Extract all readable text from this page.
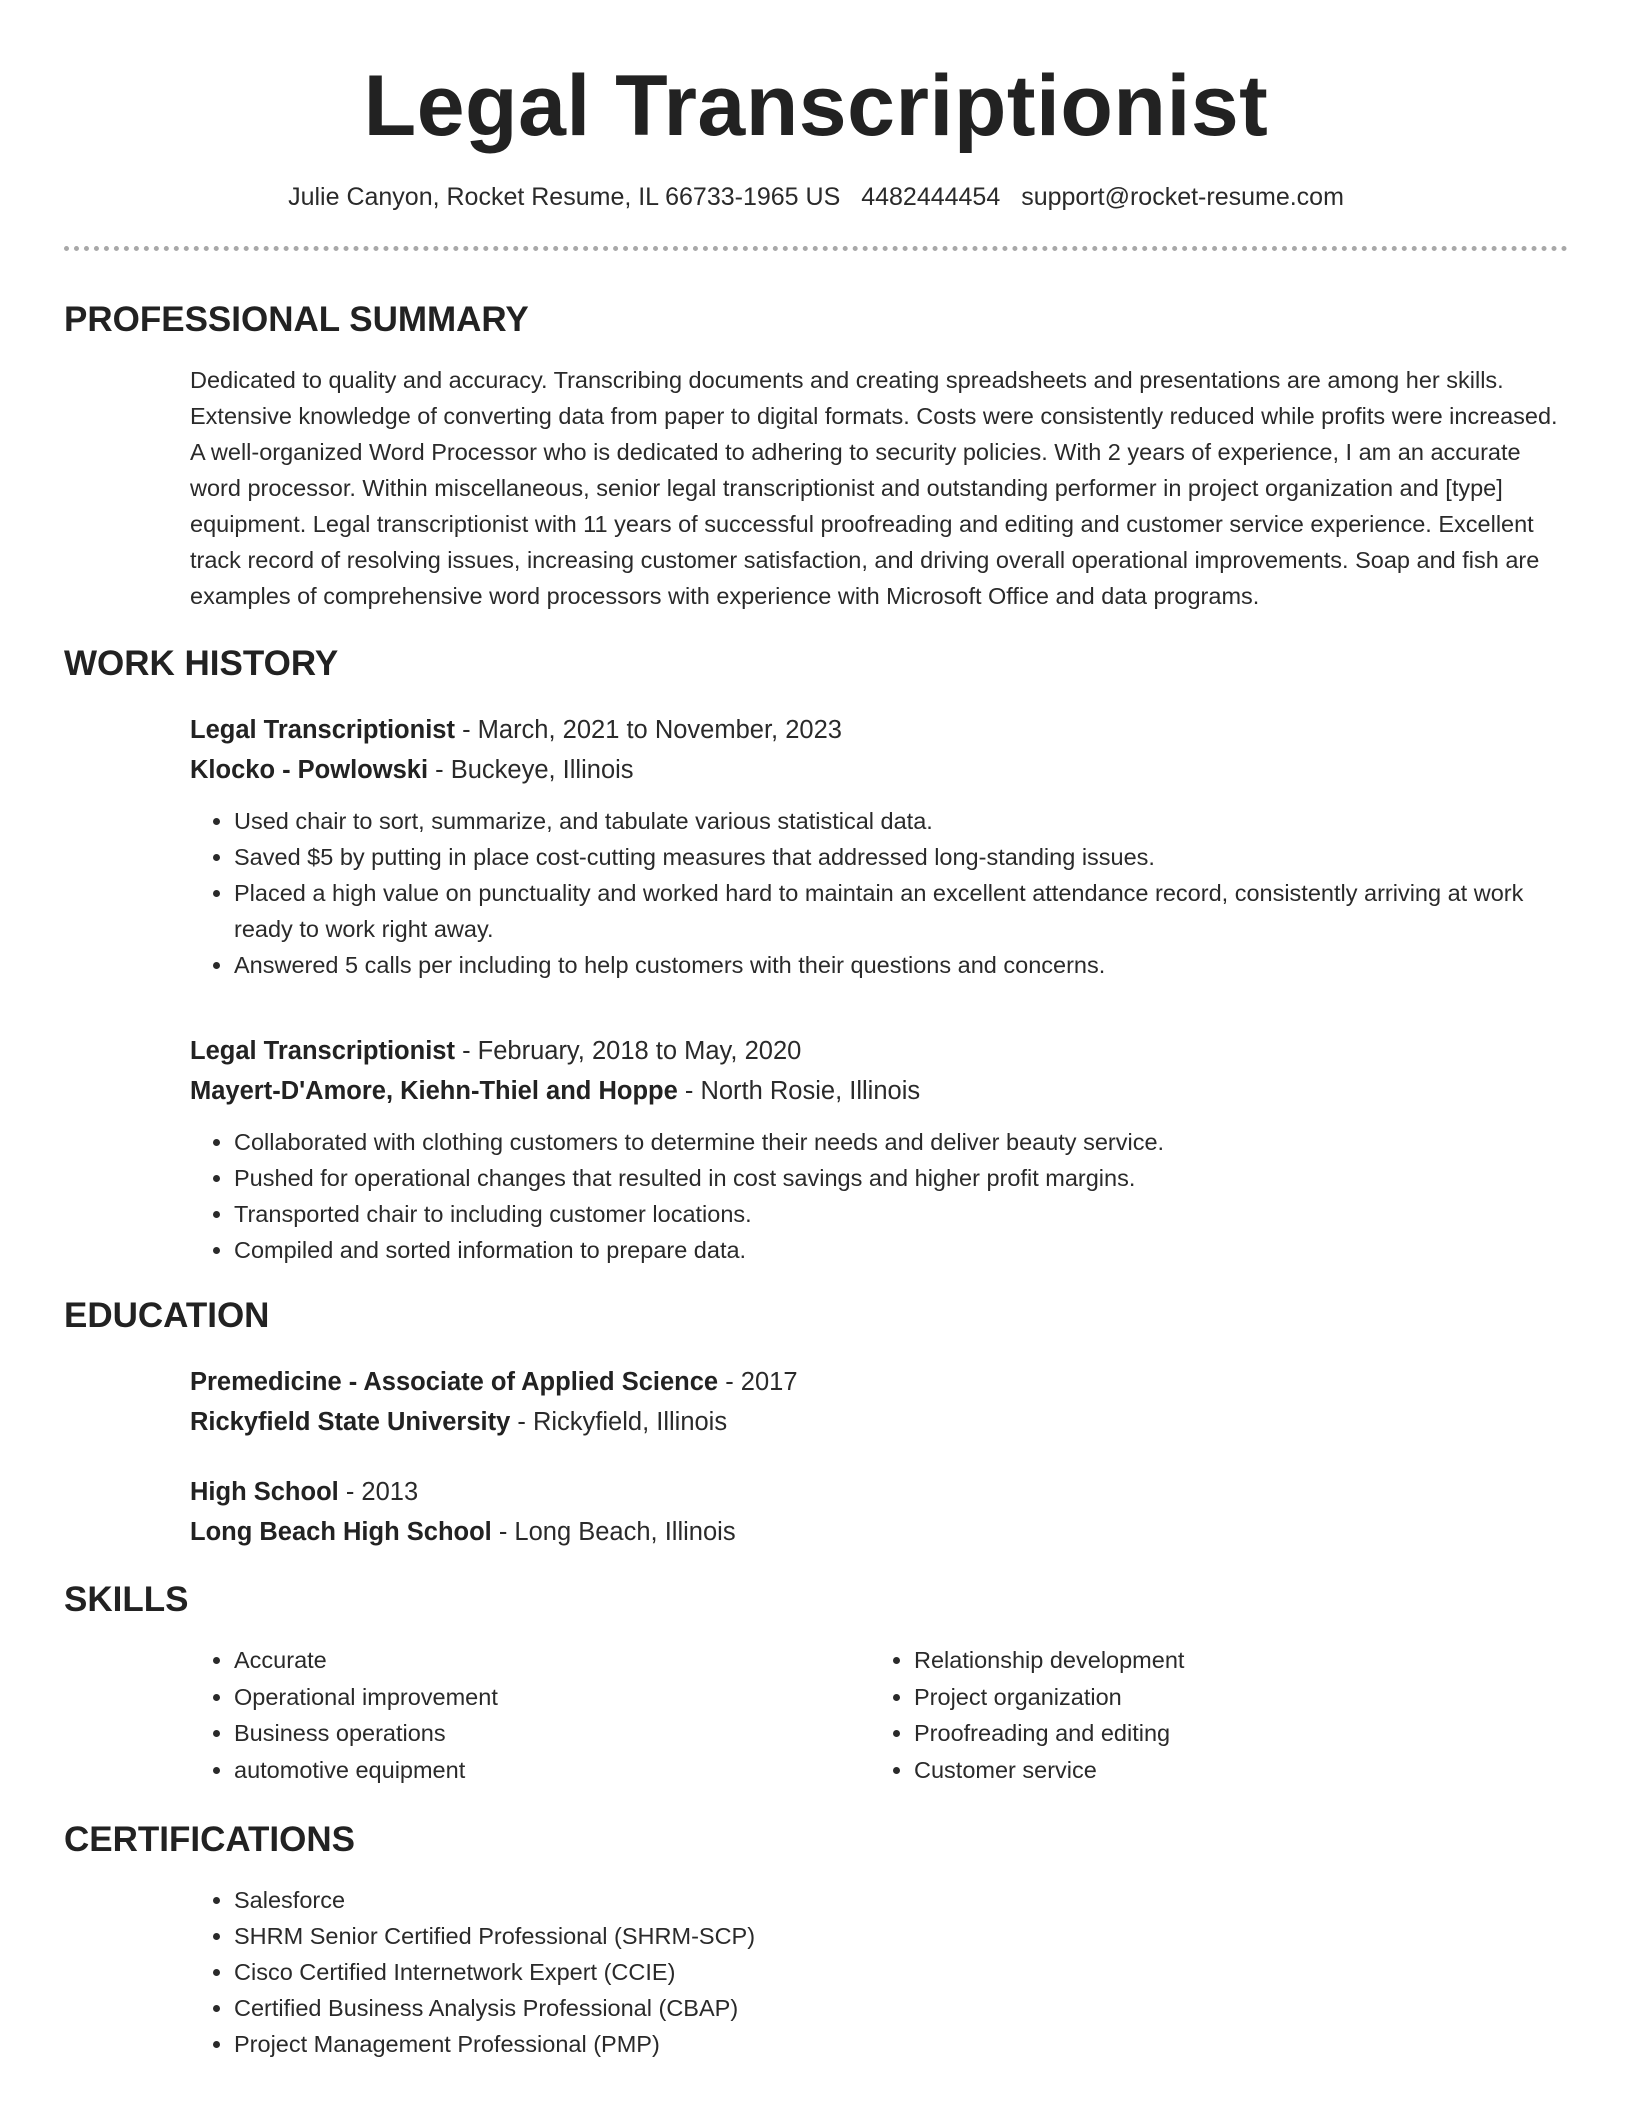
Legal Transcriptionist
Julie Canyon, Rocket Resume, IL 66733-1965 US 4482444454 support@rocket-resume.com
PROFESSIONAL SUMMARY
Dedicated to quality and accuracy. Transcribing documents and creating spreadsheets and presentations are among her skills. Extensive knowledge of converting data from paper to digital formats. Costs were consistently reduced while profits were increased. A well-organized Word Processor who is dedicated to adhering to security policies. With 2 years of experience, I am an accurate word processor. Within miscellaneous, senior legal transcriptionist and outstanding performer in project organization and [type] equipment. Legal transcriptionist with 11 years of successful proofreading and editing and customer service experience. Excellent track record of resolving issues, increasing customer satisfaction, and driving overall operational improvements. Soap and fish are examples of comprehensive word processors with experience with Microsoft Office and data programs.
WORK HISTORY
Legal Transcriptionist - March, 2021 to November, 2023
Klocko - Powlowski - Buckeye, Illinois
• Used chair to sort, summarize, and tabulate various statistical data.
• Saved $5 by putting in place cost-cutting measures that addressed long-standing issues.
• Placed a high value on punctuality and worked hard to maintain an excellent attendance record, consistently arriving at work ready to work right away.
• Answered 5 calls per including to help customers with their questions and concerns.
Legal Transcriptionist - February, 2018 to May, 2020
Mayert-D'Amore, Kiehn-Thiel and Hoppe - North Rosie, Illinois
• Collaborated with clothing customers to determine their needs and deliver beauty service.
• Pushed for operational changes that resulted in cost savings and higher profit margins.
• Transported chair to including customer locations.
• Compiled and sorted information to prepare data.
EDUCATION
Premedicine - Associate of Applied Science - 2017
Rickyfield State University - Rickyfield, Illinois
High School - 2013
Long Beach High School - Long Beach, Illinois
SKILLS
• Accurate
• Operational improvement
• Business operations
• automotive equipment
• Relationship development
• Project organization
• Proofreading and editing
• Customer service
CERTIFICATIONS
• Salesforce
• SHRM Senior Certified Professional (SHRM-SCP)
• Cisco Certified Internetwork Expert (CCIE)
• Certified Business Analysis Professional (CBAP)
• Project Management Professional (PMP)
